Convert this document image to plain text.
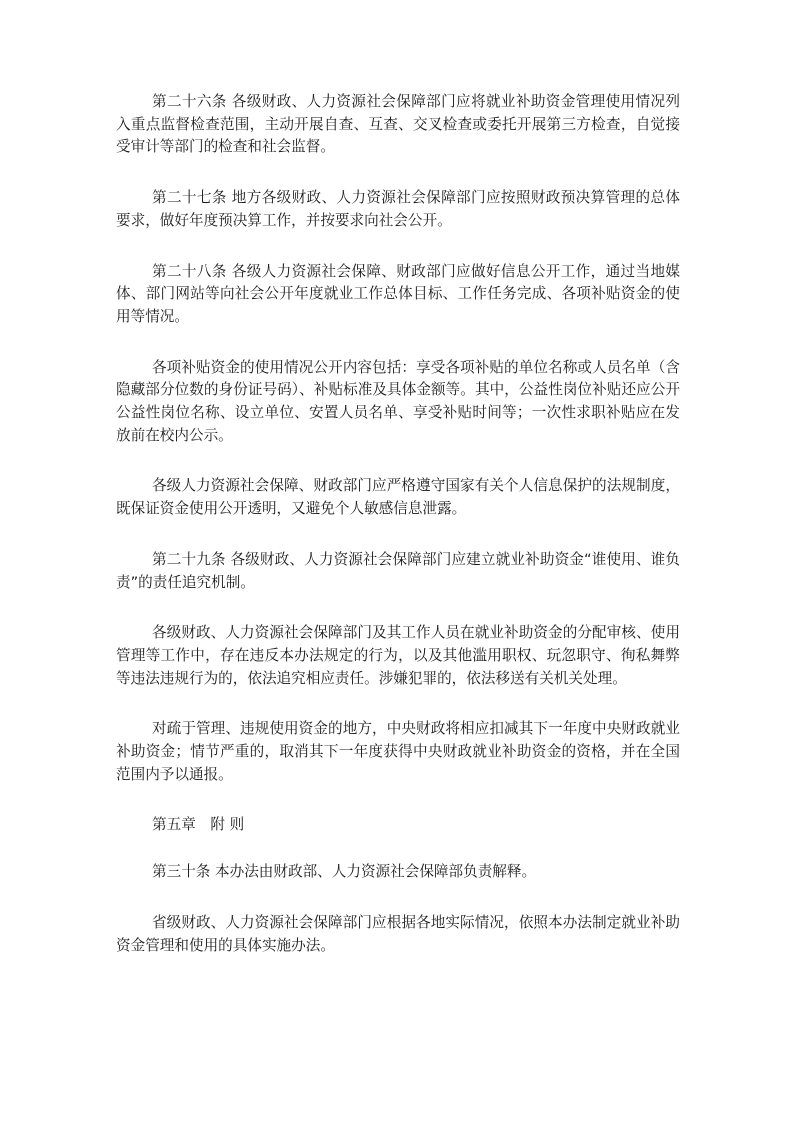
第二十六条 各级财政、人力资源社会保障部门应将就业补助资金管理使用情况列入重点监督检查范围，主动开展自查、互查、交叉检查或委托开展第三方检查，自觉接受审计等部门的检查和社会监督。

第二十七条 地方各级财政、人力资源社会保障部门应按照财政预决算管理的总体要求，做好年度预决算工作，并按要求向社会公开。

第二十八条 各级人力资源社会保障、财政部门应做好信息公开工作，通过当地媒体、部门网站等向社会公开年度就业工作总体目标、工作任务完成、各项补贴资金的使用等情况。

各项补贴资金的使用情况公开内容包括：享受各项补贴的单位名称或人员名单（含隐藏部分位数的身份证号码）、补贴标准及具体金额等。其中，公益性岗位补贴还应公开公益性岗位名称、设立单位、安置人员名单、享受补贴时间等；一次性求职补贴应在发放前在校内公示。

各级人力资源社会保障、财政部门应严格遵守国家有关个人信息保护的法规制度，既保证资金使用公开透明，又避免个人敏感信息泄露。

第二十九条 各级财政、人力资源社会保障部门应建立就业补助资金“谁使用、谁负责”的责任追究机制。

各级财政、人力资源社会保障部门及其工作人员在就业补助资金的分配审核、使用管理等工作中，存在违反本办法规定的行为，以及其他滥用职权、玩忽职守、徇私舞弊等违法违规行为的，依法追究相应责任。涉嫌犯罪的，依法移送有关机关处理。

对疏于管理、违规使用资金的地方，中央财政将相应扣减其下一年度中央财政就业补助资金；情节严重的，取消其下一年度获得中央财政就业补助资金的资格，并在全国范围内予以通报。

第五章　附 则

第三十条 本办法由财政部、人力资源社会保障部负责解释。

省级财政、人力资源社会保障部门应根据各地实际情况，依照本办法制定就业补助资金管理和使用的具体实施办法。
